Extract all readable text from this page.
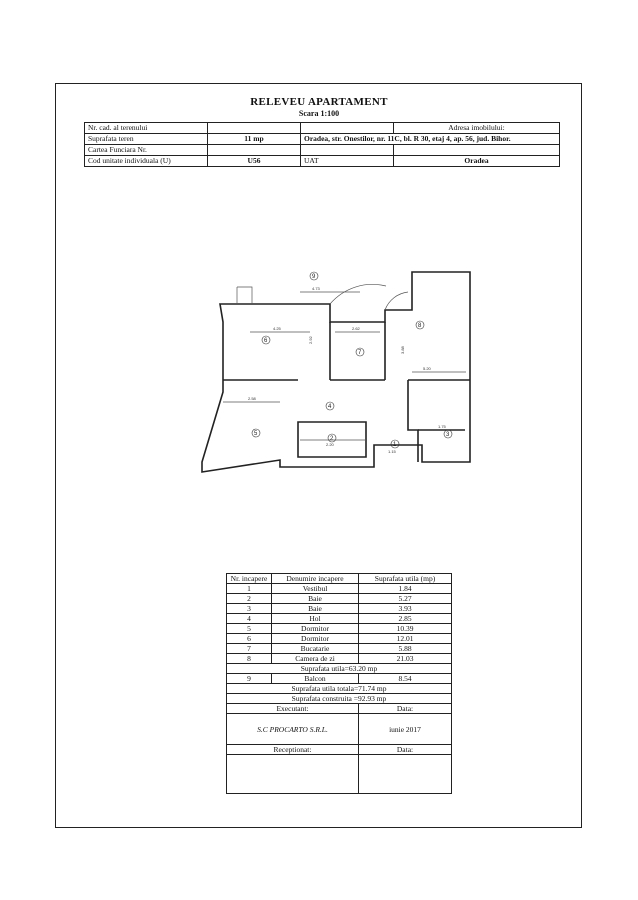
RELEVEU APARTAMENT
Scara 1:100
Nr. cad. al terenului			Adresa imobilului:
Suprafata teren	11 mp	Oradea, str. Onestilor, nr. 11C, bl. R 30, etaj 4, ap. 56, jud. Bihor.	
Cartea Funciara Nr.			
Cod unitate individuala (U)	U56	UAT	Oradea
1
2
3
4
5
6
7
8
9
4.73
4.25
2.92
5.20
2.58
2.20
1.15
1.75
2.62
3.88
Nr. incapere	Denumire incapere	Suprafata utila (mp)
1	Vestibul	1.84
2	Baie	5.27
3	Baie	3.93
4	Hol	2.85
5	Dormitor	10.39
6	Dormitor	12.01
7	Bucatarie	5.88
8	Camera de zi	21.03
Suprafata utila=63.20 mp		
9	Balcon	8.54
Suprafata utila totala=71.74 mp		
Suprafata construita =92.93 mp		
Executant:		Data:
S.C PROCARTO S.R.L.		iunie 2017
Receptionat:		Data:
